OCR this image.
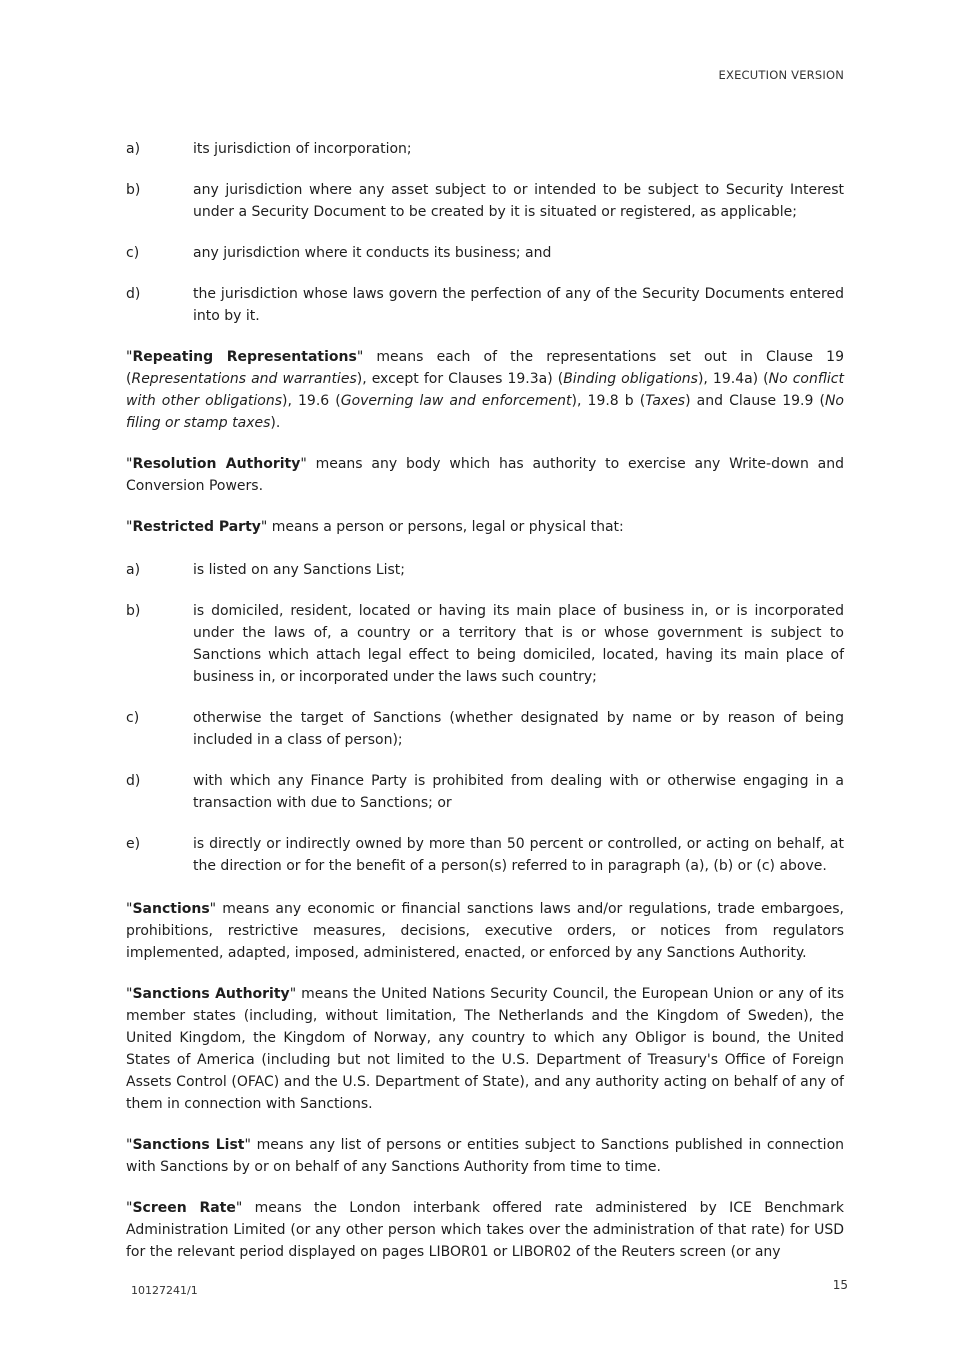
EXECUTION VERSION
a)	its jurisdiction of incorporation;
b)	any jurisdiction where any asset subject to or intended to be subject to Security Interest under a Security Document to be created by it is situated or registered, as applicable;
c)	any jurisdiction where it conducts its business; and
d)	the jurisdiction whose laws govern the perfection of any of the Security Documents entered into by it.

"Repeating Representations" means each of the representations set out in Clause 19 (Representations and warranties), except for Clauses 19.3a) (Binding obligations), 19.4a) (No conflict with other obligations), 19.6 (Governing law and enforcement), 19.8 b (Taxes) and Clause 19.9 (No filing or stamp taxes).

"Resolution Authority" means any body which has authority to exercise any Write-down and Conversion Powers.

"Restricted Party" means a person or persons, legal or physical that:

a)	is listed on any Sanctions List;
b)	is domiciled, resident, located or having its main place of business in, or is incorporated under the laws of, a country or a territory that is or whose government is subject to Sanctions which attach legal effect to being domiciled, located, having its main place of business in, or incorporated under the laws such country;
c)	otherwise the target of Sanctions (whether designated by name or by reason of being included in a class of person);
d)	with which any Finance Party is prohibited from dealing with or otherwise engaging in a transaction with due to Sanctions; or
e)	is directly or indirectly owned by more than 50 percent or controlled, or acting on behalf, at the direction or for the benefit of a person(s) referred to in paragraph (a), (b) or (c) above.

"Sanctions" means any economic or financial sanctions laws and/or regulations, trade embargoes, prohibitions, restrictive measures, decisions, executive orders, or notices from regulators implemented, adapted, imposed, administered, enacted, or enforced by any Sanctions Authority.

"Sanctions Authority" means the United Nations Security Council, the European Union or any of its member states (including, without limitation, The Netherlands and the Kingdom of Sweden), the United Kingdom, the Kingdom of Norway, any country to which any Obligor is bound, the United States of America (including but not limited to the U.S. Department of Treasury's Office of Foreign Assets Control (OFAC) and the U.S. Department of State), and any authority acting on behalf of any of them in connection with Sanctions.

"Sanctions List" means any list of persons or entities subject to Sanctions published in connection with Sanctions by or on behalf of any Sanctions Authority from time to time.

"Screen Rate" means the London interbank offered rate administered by ICE Benchmark Administration Limited (or any other person which takes over the administration of that rate) for USD for the relevant period displayed on pages LIBOR01 or LIBOR02 of the Reuters screen (or any

10127241/1	15
